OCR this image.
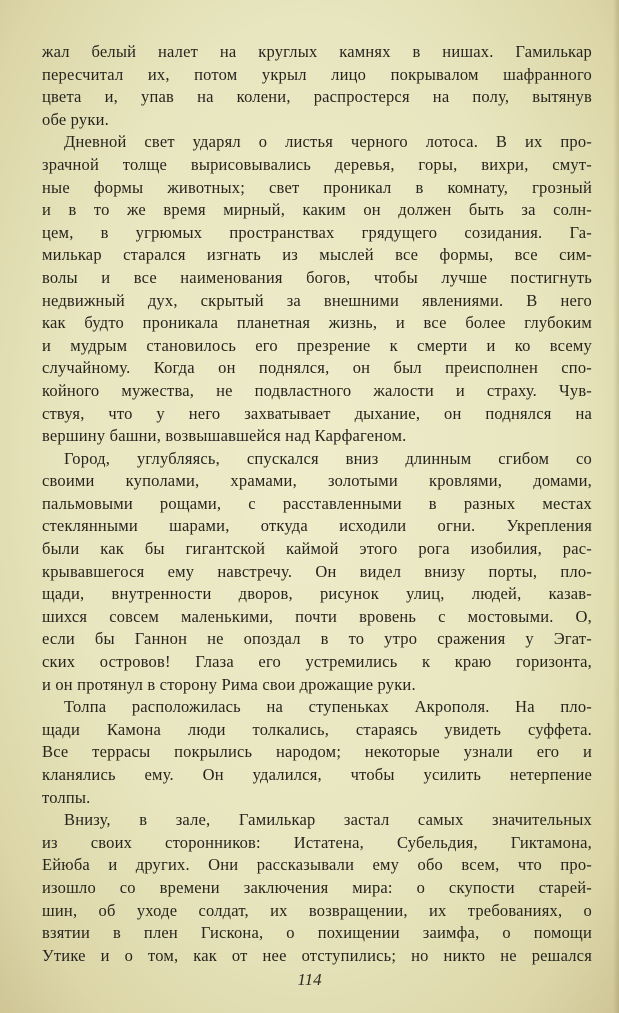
жал белый налет на круглых камнях в нишах. Гамилькар
пересчитал их, потом укрыл лицо покрывалом шафранного
цвета и, упав на колени, распростерся на полу, вытянув
обе руки.
Дневной свет ударял о листья черного лотоса. В их про-
зрачной толще вырисовывались деревья, горы, вихри, смут-
ные формы животных; свет проникал в комнату, грозный
и в то же время мирный, каким он должен быть за солн-
цем, в угрюмых пространствах грядущего созидания. Га-
милькар старался изгнать из мыслей все формы, все сим-
волы и все наименования богов, чтобы лучше постигнуть
недвижный дух, скрытый за внешними явлениями. В него
как будто проникала планетная жизнь, и все более глубоким
и мудрым становилось его презрение к смерти и ко всему
случайному. Когда он поднялся, он был преисполнен спо-
койного мужества, не подвластного жалости и страху. Чув-
ствуя, что у него захватывает дыхание, он поднялся на
вершину башни, возвышавшейся над Карфагеном.
Город, углубляясь, спускался вниз длинным сгибом со
своими куполами, храмами, золотыми кровлями, домами,
пальмовыми рощами, с расставленными в разных местах
стеклянными шарами, откуда исходили огни. Укрепления
были как бы гигантской каймой этого рога изобилия, рас-
крывавшегося ему навстречу. Он видел внизу порты, пло-
щади, внутренности дворов, рисунок улиц, людей, казав-
шихся совсем маленькими, почти вровень с мостовыми. О,
если бы Ганнон не опоздал в то утро сражения у Эгат-
ских островов! Глаза его устремились к краю горизонта,
и он протянул в сторону Рима свои дрожащие руки.
Толпа расположилась на ступеньках Акрополя. На пло-
щади Камона люди толкались, стараясь увидеть суффета.
Все террасы покрылись народом; некоторые узнали его и
кланялись ему. Он удалился, чтобы усилить нетерпение
толпы.
Внизу, в зале, Гамилькар застал самых значительных
из своих сторонников: Истатена, Субельдия, Гиктамона,
Ейюба и других. Они рассказывали ему обо всем, что про-
изошло со времени заключения мира: о скупости старей-
шин, об уходе солдат, их возвращении, их требованиях, о
взятии в плен Гискона, о похищении заимфа, о помощи
Утике и о том, как от нее отступились; но никто не решался
114
